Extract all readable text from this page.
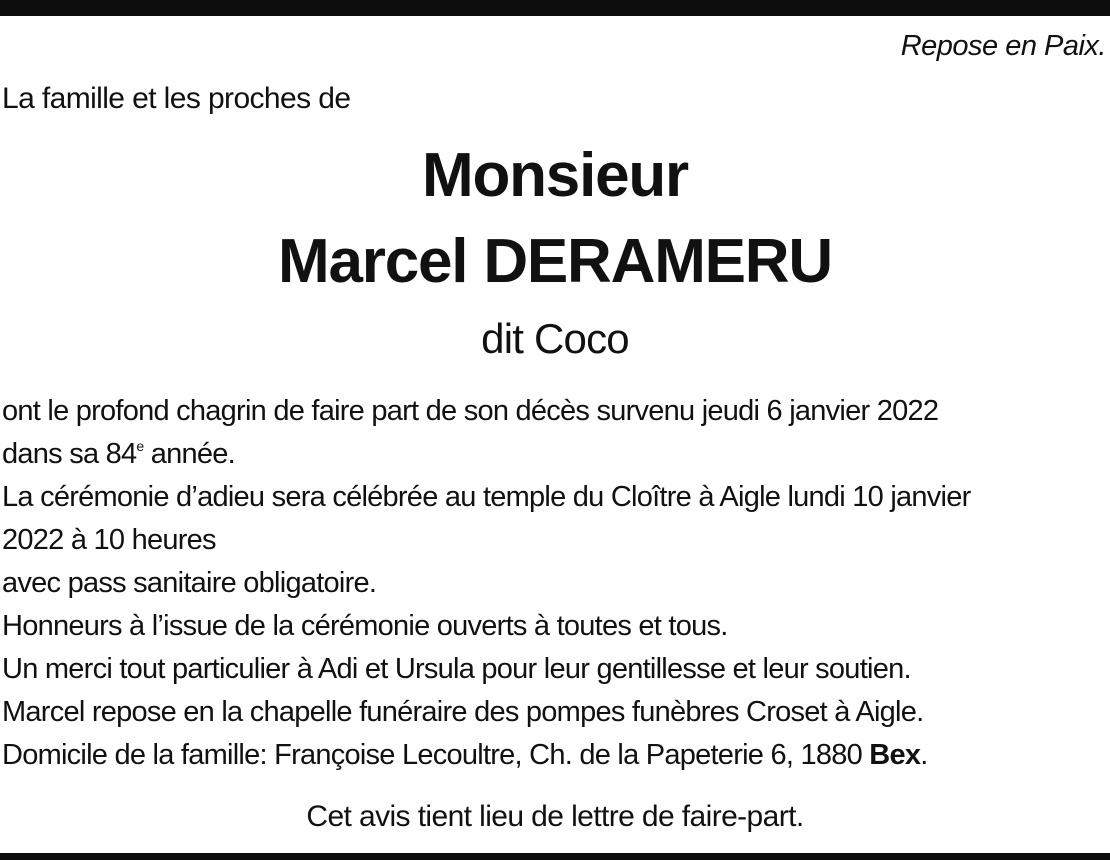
Repose en Paix.
La famille et les proches de
Monsieur
Marcel DERAMERU
dit Coco
ont le profond chagrin de faire part de son décès survenu jeudi 6 janvier 2022
dans sa 84e année.
La cérémonie d’adieu sera célébrée au temple du Cloître à Aigle lundi 10 janvier
2022 à 10 heures
avec pass sanitaire obligatoire.
Honneurs à l’issue de la cérémonie ouverts à toutes et tous.
Un merci tout particulier à Adi et Ursula pour leur gentillesse et leur soutien.
Marcel repose en la chapelle funéraire des pompes funèbres Croset à Aigle.
Domicile de la famille: Françoise Lecoultre, Ch. de la Papeterie 6, 1880 Bex.
Cet avis tient lieu de lettre de faire-part.
